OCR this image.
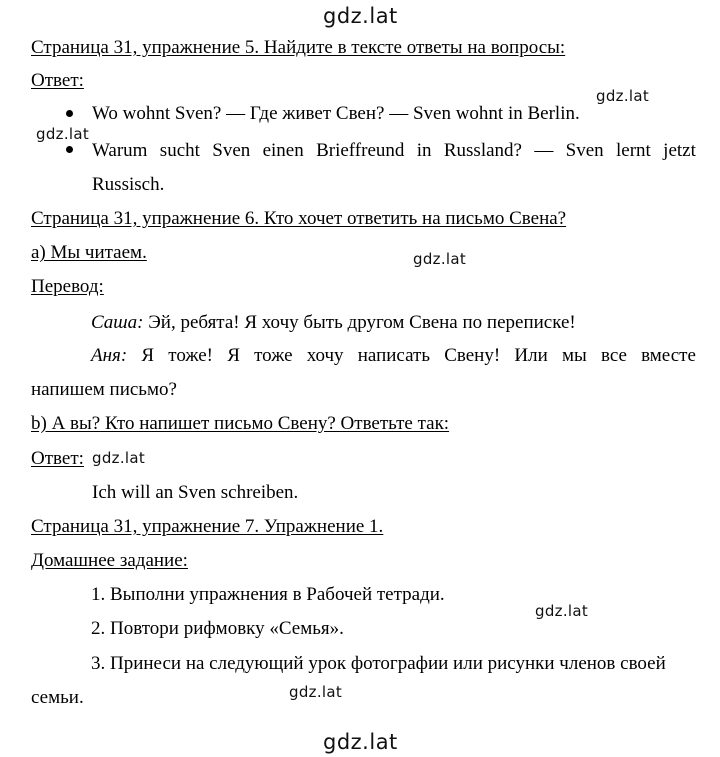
gdz.lat
gdz.lat
gdz.lat
gdz.lat
gdz.lat
gdz.lat
gdz.lat
gdz.lat
Страница 31, упражнение 5. Найдите в тексте ответы на вопросы:
Ответ:
Wo wohnt Sven? — Где живет Свен? — Sven wohnt in Berlin.
Warum sucht Sven einen Brieffreund in Russland? — Sven lernt jetzt
Russisch.
Страница 31, упражнение 6. Кто хочет ответить на письмо Свена?
а) Мы читаем.
Перевод:
Саша: Эй, ребята! Я хочу быть другом Свена по переписке!
Аня: Я тоже! Я тоже хочу написать Свену! Или мы все вместе
напишем письмо?
b) А вы? Кто напишет письмо Свену? Ответьте так:
Ответ:
Ich will an Sven schreiben.
Страница 31, упражнение 7. Упражнение 1.
Домашнее задание:
1. Выполни упражнения в Рабочей тетради.
2. Повтори рифмовку «Семья».
3. Принеси на следующий урок фотографии или рисунки членов своей
семьи.
